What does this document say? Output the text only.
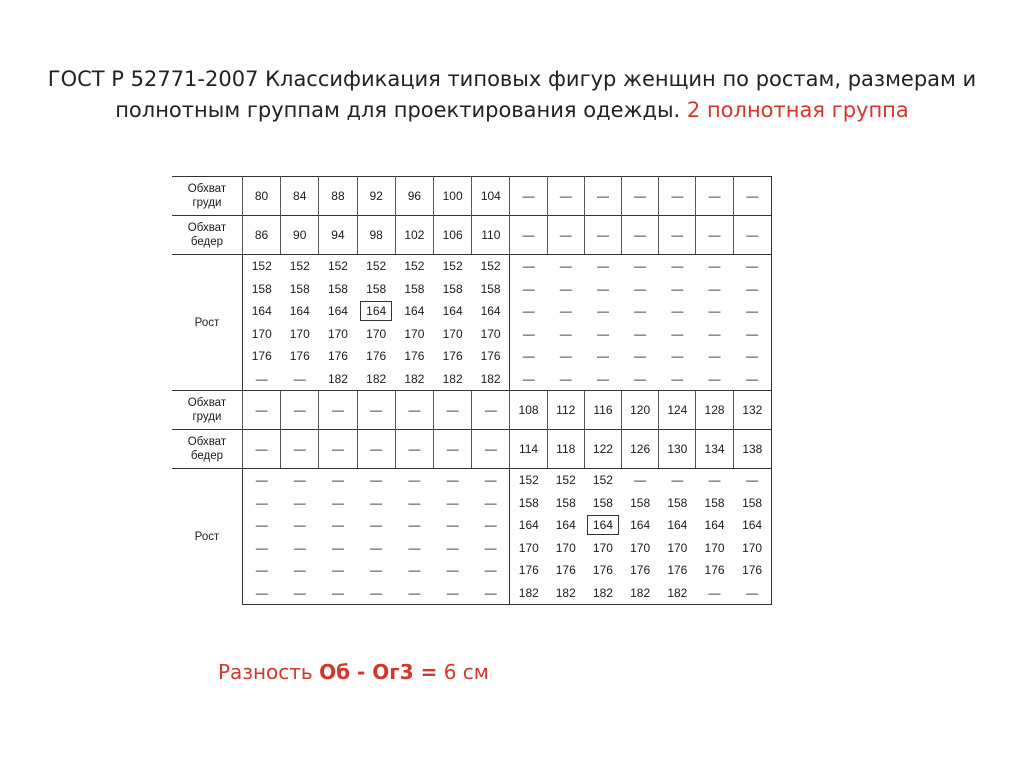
ГОСТ Р 52771-2007 Классификация типовых фигур женщин по ростам, размерам и
полнотным группам для проектирования одежды. 2 полнотная группа
Обхват груди	80	84	88	92	96	100	104	—	—	—	—	—	—	—
Обхват бедер	86	90	94	98	102	106	110	—	—	—	—	—	—	—
Рост	152	152	152	152	152	152	152	—	—	—	—	—	—	—
	158	158	158	158	158	158	158	—	—	—	—	—	—	—
	164	164	164	164	164	164	164	—	—	—	—	—	—	—
	170	170	170	170	170	170	170	—	—	—	—	—	—	—
	176	176	176	176	176	176	176	—	—	—	—	—	—	—
	—	—	182	182	182	182	182	—	—	—	—	—	—	—
Обхват груди	—	—	—	—	—	—	—	108	112	116	120	124	128	132
Обхват бедер	—	—	—	—	—	—	—	114	118	122	126	130	134	138
Рост	—	—	—	—	—	—	—	152	152	152	—	—	—	—
	—	—	—	—	—	—	—	158	158	158	158	158	158	158
	—	—	—	—	—	—	—	164	164	164	164	164	164	164
	—	—	—	—	—	—	—	170	170	170	170	170	170	170
	—	—	—	—	—	—	—	176	176	176	176	176	176	176
	—	—	—	—	—	—	—	182	182	182	182	182	—	—
Разность Об - Ог3 = 6 см
